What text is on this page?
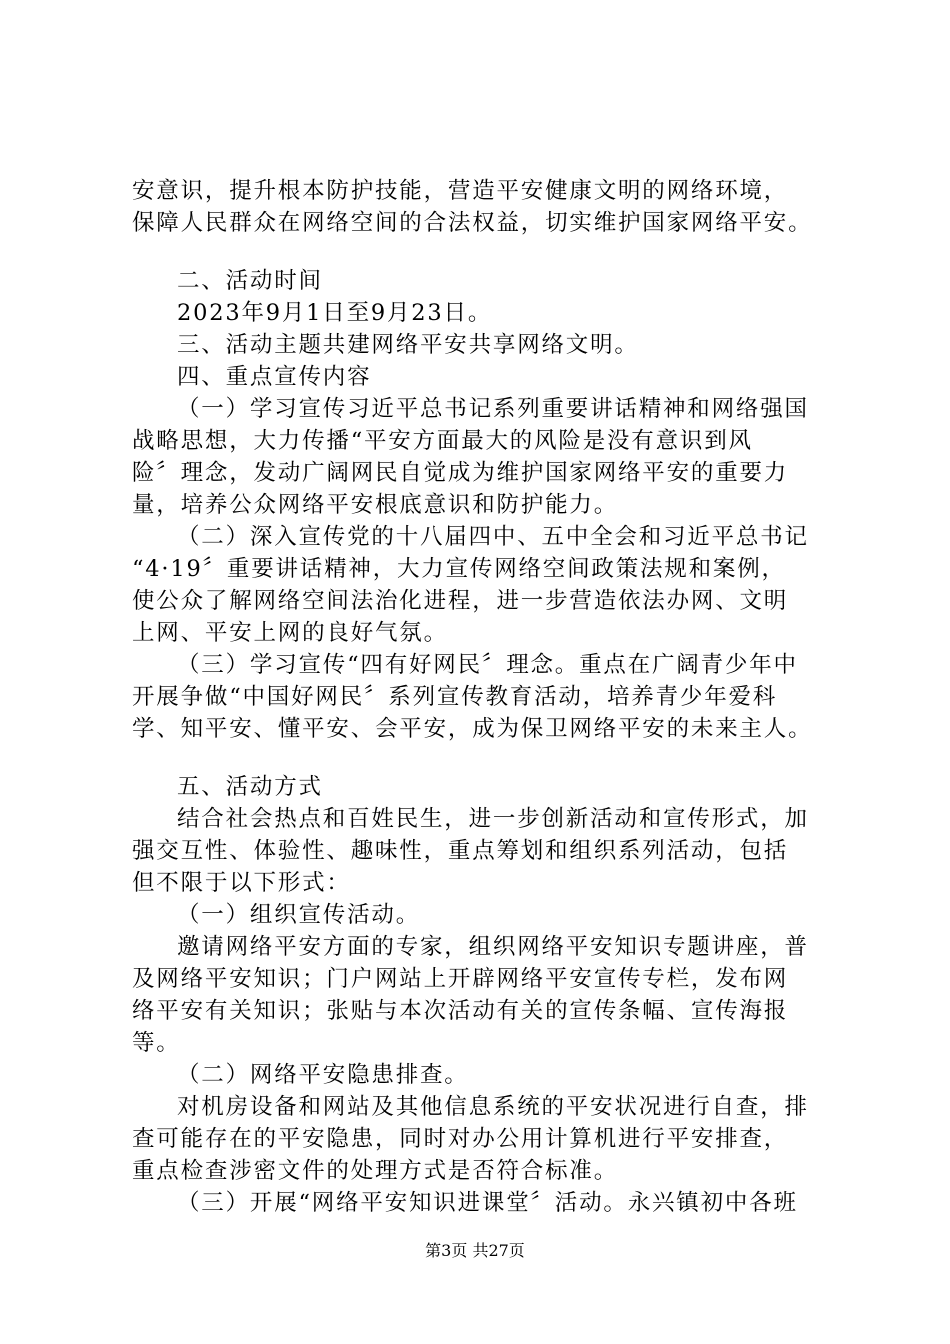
安意识，提升根本防护技能，营造平安健康文明的网络环境，
保障人民群众在网络空间的合法权益，切实维护国家网络平安。
二、活动时间
2023年9月1日至9月23日。
三、活动主题共建网络平安共享网络文明。
四、重点宣传内容
（一）学习宣传习近平总书记系列重要讲话精神和网络强国
战略思想，大力传播“平安方面最大的风险是没有意识到风
险〞理念，发动广阔网民自觉成为维护国家网络平安的重要力
量，培养公众网络平安根底意识和防护能力。
（二）深入宣传党的十八届四中、五中全会和习近平总书记
“4·19〞重要讲话精神，大力宣传网络空间政策法规和案例，
使公众了解网络空间法治化进程，进一步营造依法办网、文明
上网、平安上网的良好气氛。
（三）学习宣传“四有好网民〞理念。重点在广阔青少年中
开展争做“中国好网民〞系列宣传教育活动，培养青少年爱科
学、知平安、懂平安、会平安，成为保卫网络平安的未来主人。
五、活动方式
结合社会热点和百姓民生，进一步创新活动和宣传形式，加
强交互性、体验性、趣味性，重点筹划和组织系列活动，包括
但不限于以下形式：
（一）组织宣传活动。
邀请网络平安方面的专家，组织网络平安知识专题讲座，普
及网络平安知识；门户网站上开辟网络平安宣传专栏，发布网
络平安有关知识；张贴与本次活动有关的宣传条幅、宣传海报
等。
（二）网络平安隐患排查。
对机房设备和网站及其他信息系统的平安状况进行自查，排
查可能存在的平安隐患，同时对办公用计算机进行平安排查，
重点检查涉密文件的处理方式是否符合标准。
（三）开展“网络平安知识进课堂〞活动。永兴镇初中各班
第3页 共27页
